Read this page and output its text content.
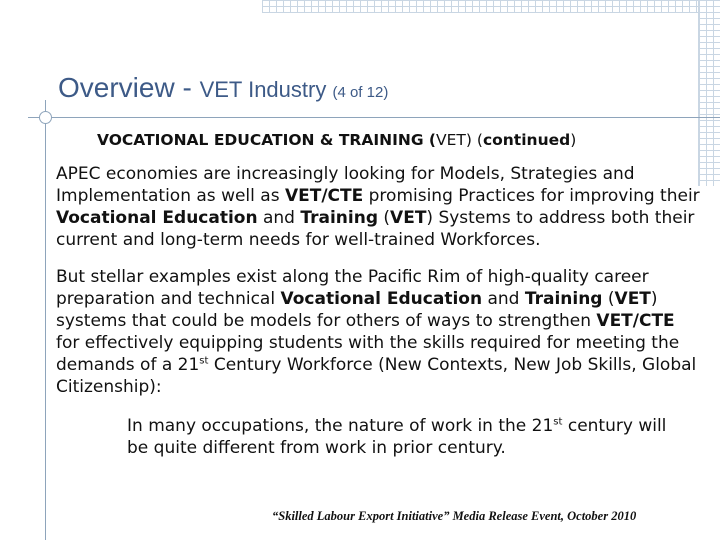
Overview - VET Industry (4 of 12)
VOCATIONAL EDUCATION & TRAINING (VET) (continued)

APEC economies are increasingly looking for Models, Strategies and Implementation as well as VET/CTE promising Practices for improving their Vocational Education and Training (VET) Systems to address both their current and long-term needs for well-trained Workforces.

But stellar examples exist along the Pacific Rim of high-quality career preparation and technical Vocational Education and Training (VET) systems that could be models for others of ways to strengthen VET/CTE for effectively equipping students with the skills required for meeting the demands of a 21st Century Workforce (New Contexts, New Job Skills, Global Citizenship):

In many occupations, the nature of work in the 21st century will be quite different from work in prior century.

“Skilled Labour Export Initiative” Media Release Event, October 2010
